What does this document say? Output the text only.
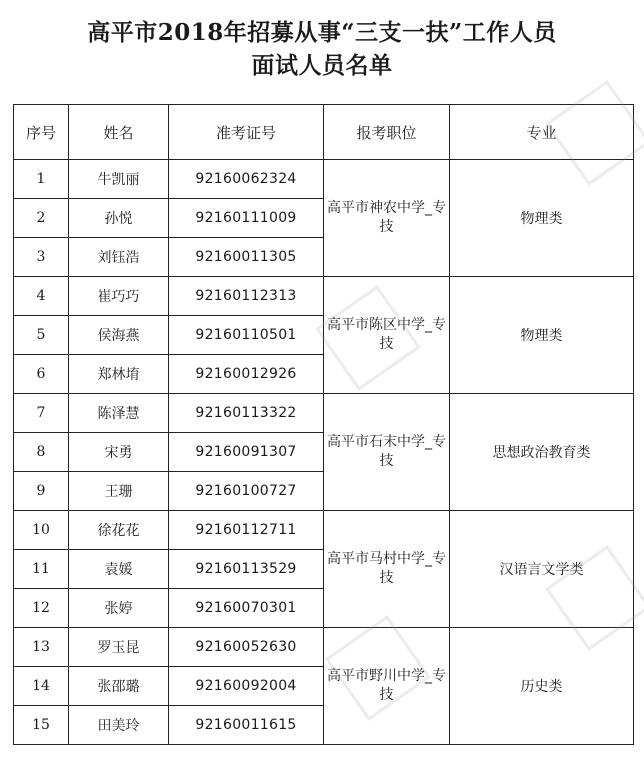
高平市2018年招募从事“三支一扶”工作人员
面试人员名单
序号	姓名	准考证号	报考职位	专业
1	牛凯丽	92160062324	高平市神农中学_专技	物理类
2	孙悦	92160111009		
3	刘钰浩	92160011305		
4	崔巧巧	92160112313	高平市陈区中学_专技	物理类
5	侯海燕	92160110501		
6	郑林堉	92160012926		
7	陈泽慧	92160113322	高平市石末中学_专技	思想政治教育类
8	宋勇	92160091307		
9	王珊	92160100727		
10	徐花花	92160112711	高平市马村中学_专技	汉语言文学类
11	袁媛	92160113529		
12	张婷	92160070301		
13	罗玉昆	92160052630	高平市野川中学_专技	历史类
14	张邵璐	92160092004		
15	田美玲	92160011615		
